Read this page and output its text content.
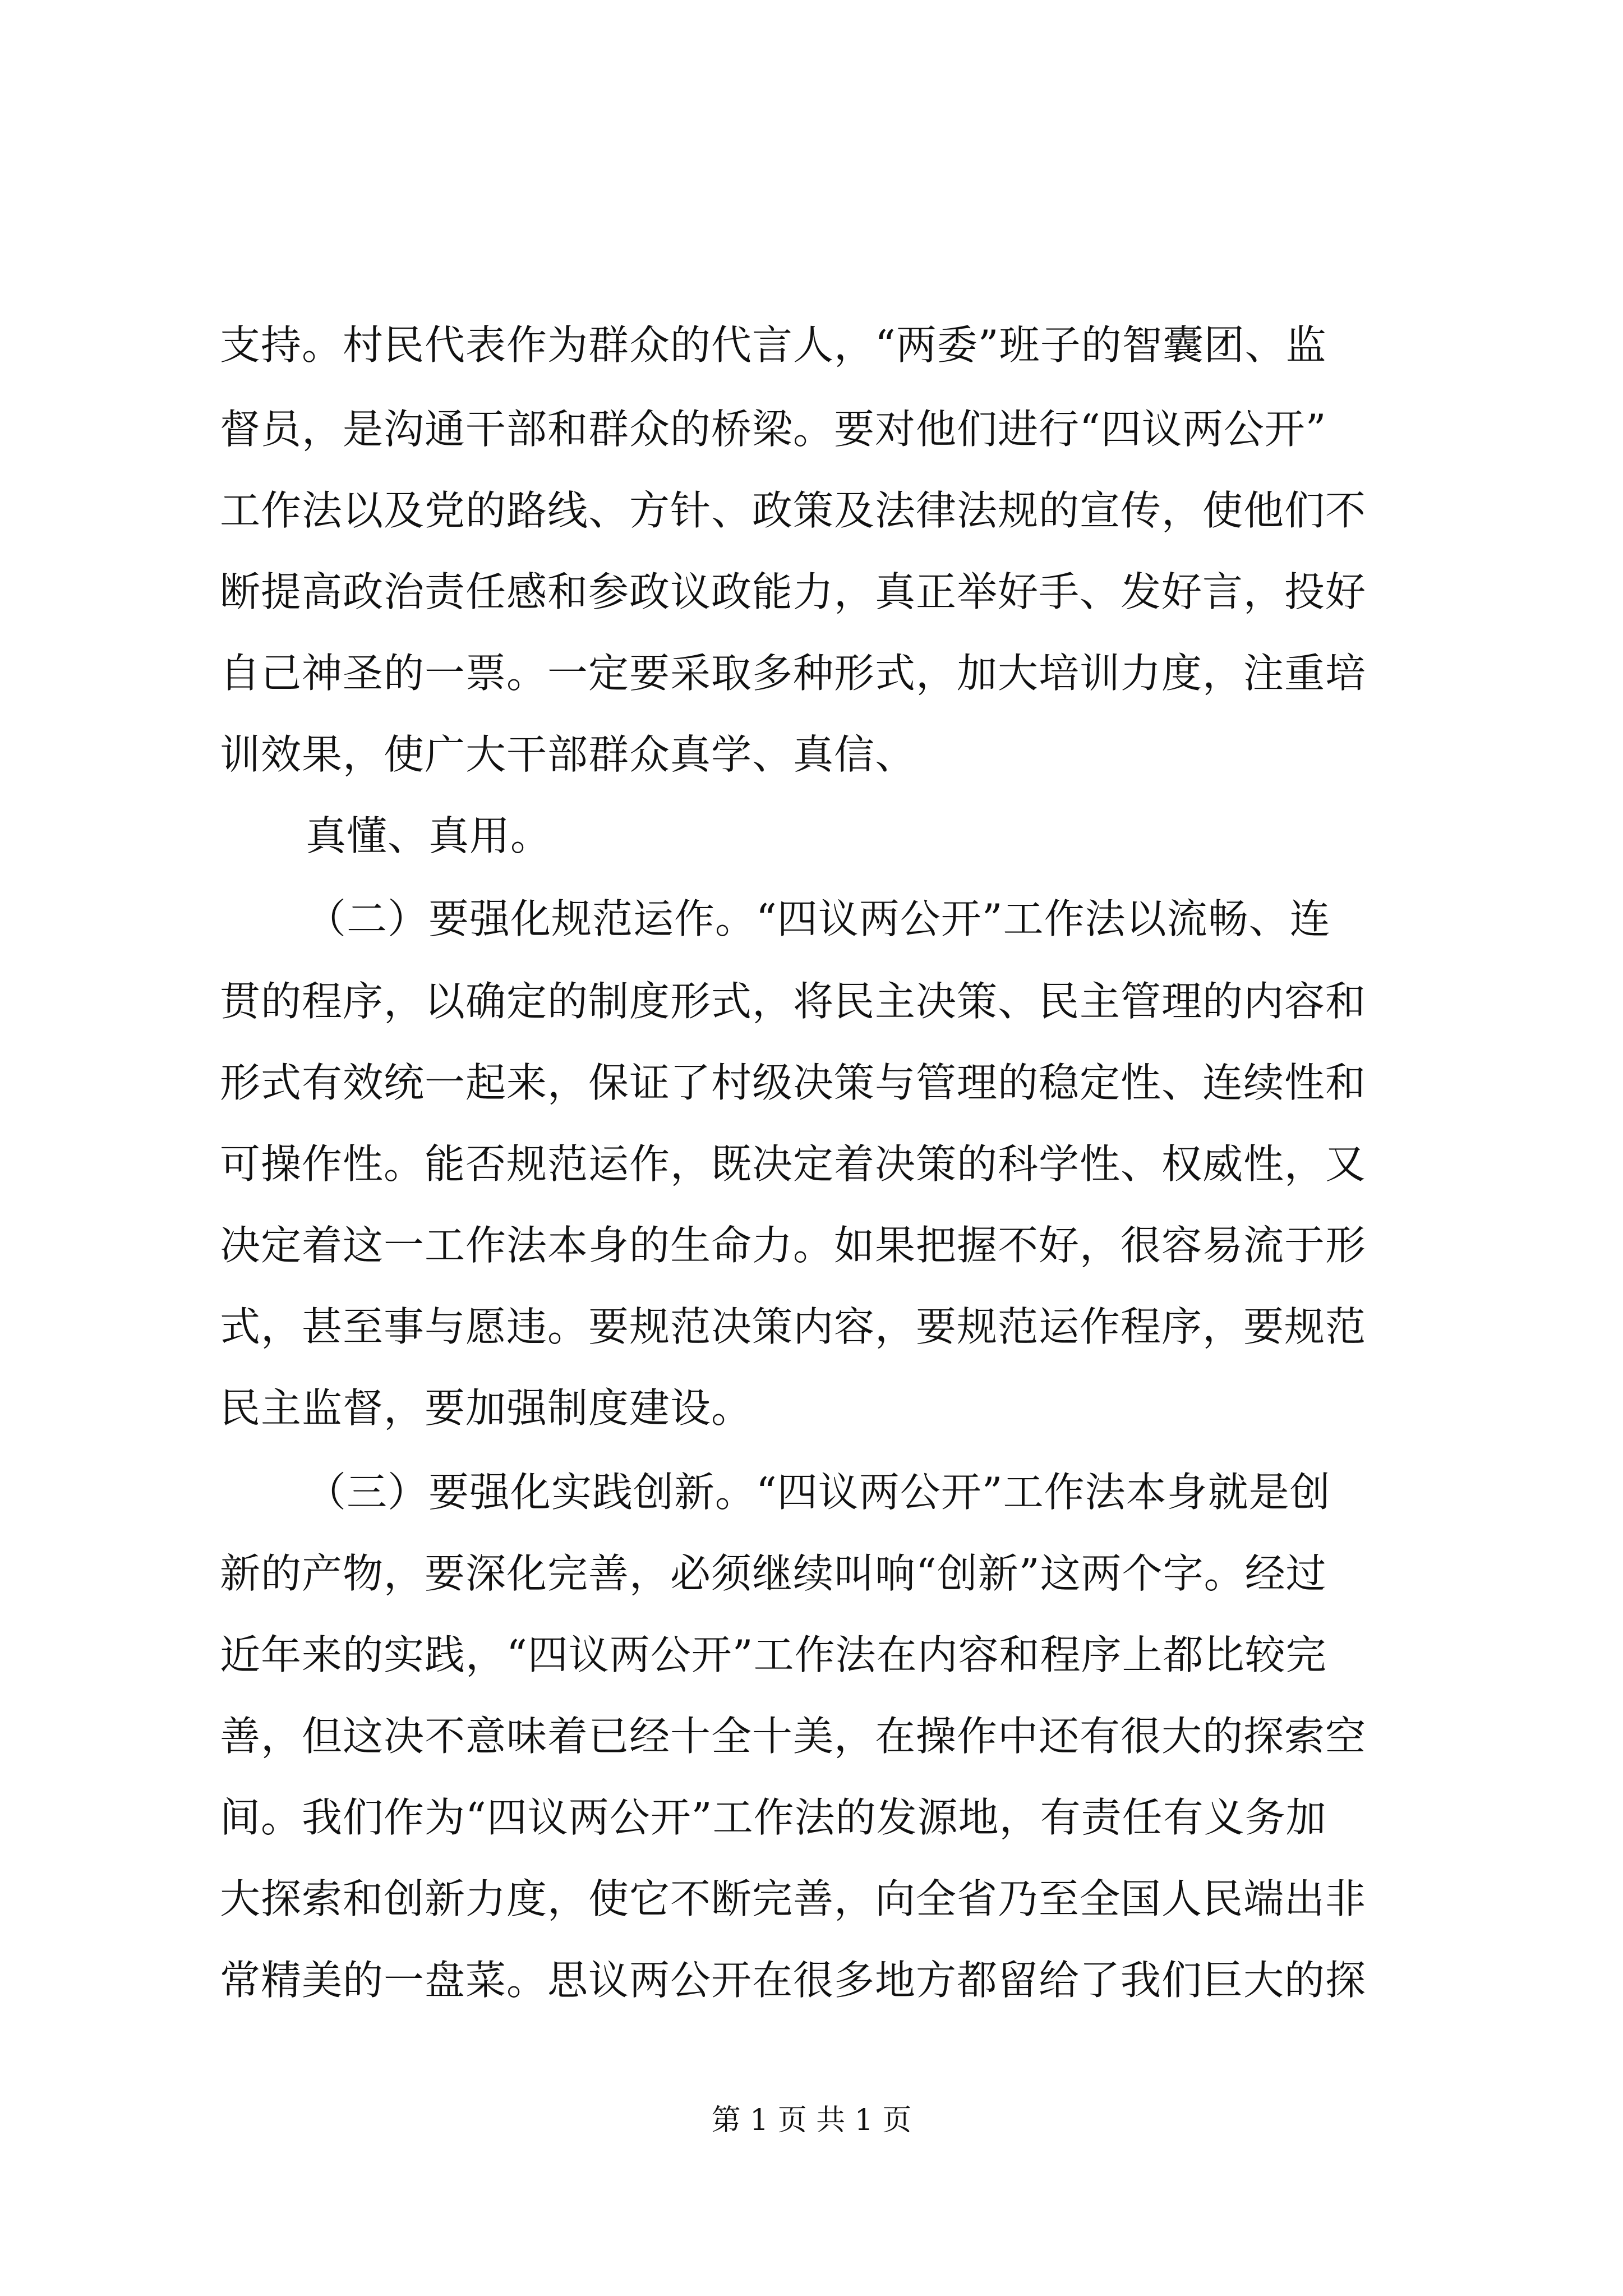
支持。村民代表作为群众的代言人，“两委”班子的智囊团、监
督员，是沟通干部和群众的桥梁。要对他们进行“四议两公开”
工作法以及党的路线、方针、政策及法律法规的宣传，使他们不
断提高政治责任感和参政议政能力，真正举好手、发好言，投好
自己神圣的一票。一定要采取多种形式，加大培训力度，注重培
训效果，使广大干部群众真学、真信、
真懂、真用。
（二）要强化规范运作。“四议两公开”工作法以流畅、连
贯的程序，以确定的制度形式，将民主决策、民主管理的内容和
形式有效统一起来，保证了村级决策与管理的稳定性、连续性和
可操作性。能否规范运作，既决定着决策的科学性、权威性，又
决定着这一工作法本身的生命力。如果把握不好，很容易流于形
式，甚至事与愿违。要规范决策内容，要规范运作程序，要规范
民主监督，要加强制度建设。
（三）要强化实践创新。“四议两公开”工作法本身就是创
新的产物，要深化完善，必须继续叫响“创新”这两个字。经过
近年来的实践，“四议两公开”工作法在内容和程序上都比较完
善，但这决不意味着已经十全十美，在操作中还有很大的探索空
间。我们作为“四议两公开”工作法的发源地，有责任有义务加
大探索和创新力度，使它不断完善，向全省乃至全国人民端出非
常精美的一盘菜。思议两公开在很多地方都留给了我们巨大的探
第 1 页 共 1 页
